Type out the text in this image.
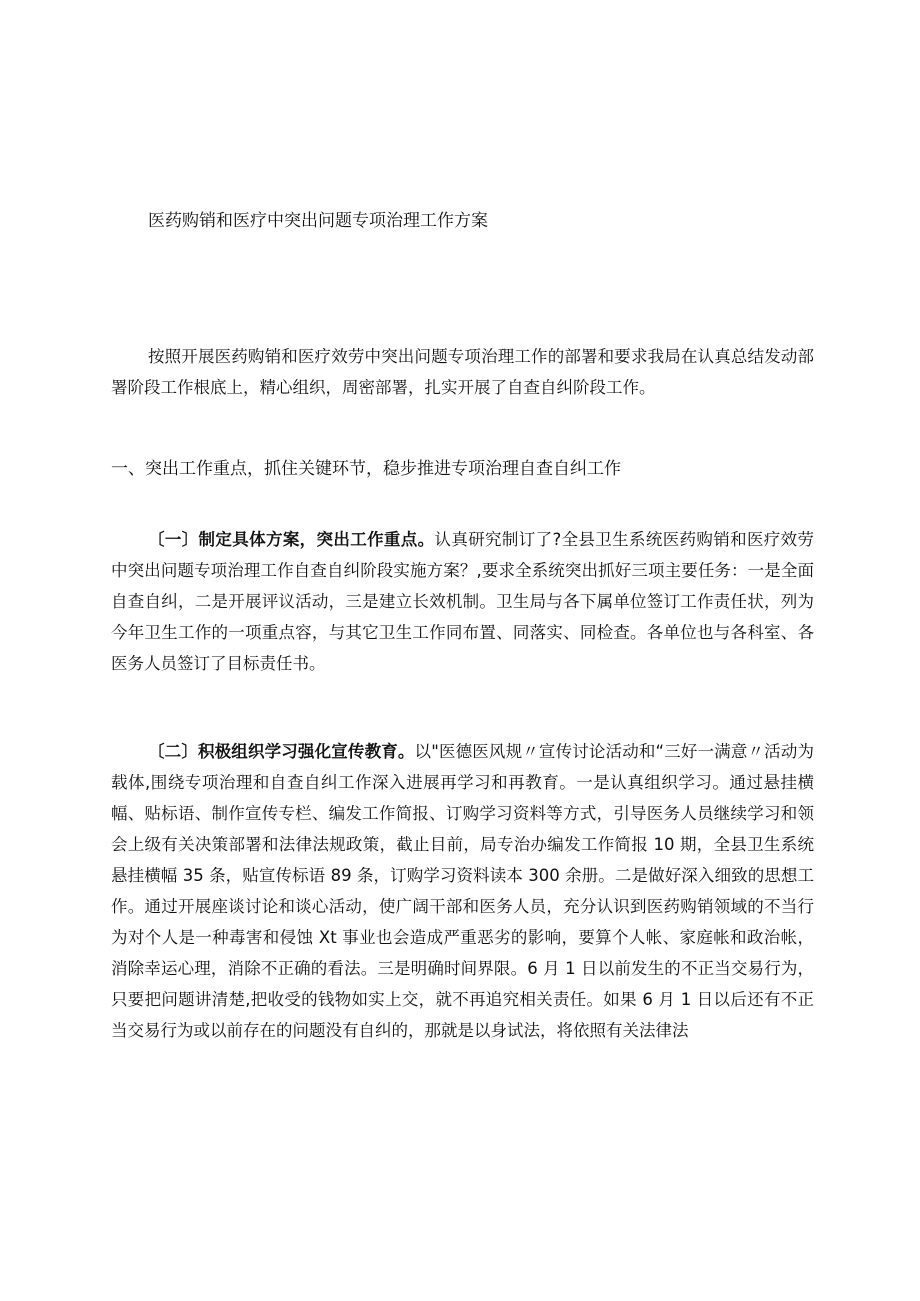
医药购销和医疗中突出问题专项治理工作方案

按照开展医药购销和医疗效劳中突出问题专项治理工作的部署和要求我局在认真总结发动部署阶段工作根底上，精心组织，周密部署，扎实开展了自查自纠阶段工作。

一、突出工作重点，抓住关键环节，稳步推进专项治理自查自纠工作

〔一〕制定具体方案，突出工作重点。认真研究制订了?全县卫生系统医药购销和医疗效劳中突出问题专项治理工作自查自纠阶段实施方案？,要求全系统突出抓好三项主要任务：一是全面自查自纠，二是开展评议活动，三是建立长效机制。卫生局与各下属单位签订工作责任状，列为今年卫生工作的一项重点容，与其它卫生工作同布置、同落实、同检查。各单位也与各科室、各医务人员签订了目标责任书。

〔二〕积极组织学习强化宣传教育。以"医德医风规〃宣传讨论活动和“三好一满意〃活动为载体,围绕专项治理和自查自纠工作深入进展再学习和再教育。一是认真组织学习。通过悬挂横幅、贴标语、制作宣传专栏、编发工作简报、订购学习资料等方式，引导医务人员继续学习和领会上级有关决策部署和法律法规政策，截止目前，局专治办编发工作简报 10 期，全县卫生系统悬挂横幅 35 条，贴宣传标语 89 条，订购学习资料读本 300 余册。二是做好深入细致的思想工作。通过开展座谈讨论和谈心活动，使广阔干部和医务人员，充分认识到医药购销领域的不当行为对个人是一种毒害和侵蚀 Xt 事业也会造成严重恶劣的影响，要算个人帐、家庭帐和政治帐，消除幸运心理，消除不正确的看法。三是明确时间界限。6 月 1 日以前发生的不正当交易行为，只要把问题讲清楚,把收受的钱物如实上交，就不再追究相关责任。如果 6 月 1 日以后还有不正当交易行为或以前存在的问题没有自纠的，那就是以身试法，将依照有关法律法
